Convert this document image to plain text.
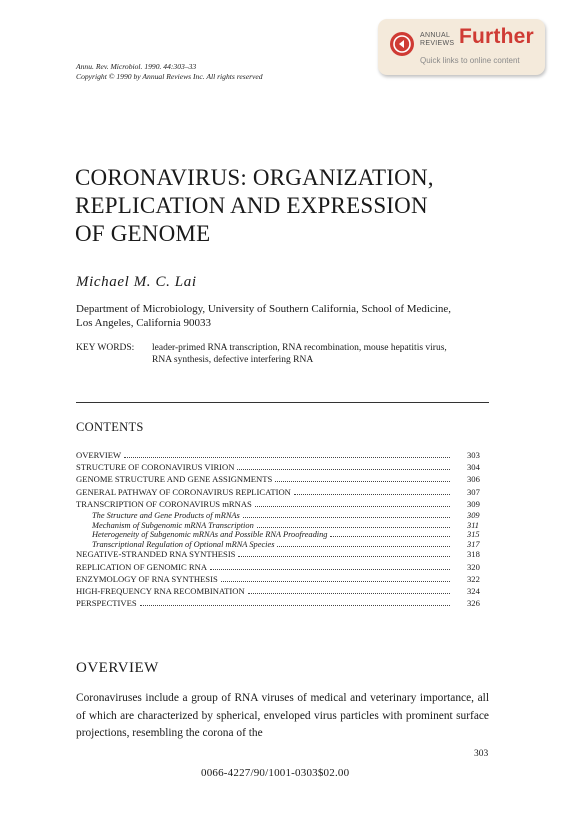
ANNUAL
REVIEWS Further
Quick links to online content
Annu. Rev. Microbiol. 1990. 44:303–33
Copyright © 1990 by Annual Reviews Inc. All rights reserved
CORONAVIRUS: ORGANIZATION,
REPLICATION AND EXPRESSION
OF GENOME
Michael M. C. Lai
Department of Microbiology, University of Southern California, School of Medicine,
Los Angeles, California 90033
KEY WORDS: leader-primed RNA transcription, RNA recombination, mouse hepatitis virus,
RNA synthesis, defective interfering RNA
CONTENTS
OVERVIEW	303
STRUCTURE OF CORONAVIRUS VIRION	304
GENOME STRUCTURE AND GENE ASSIGNMENTS	306
GENERAL PATHWAY OF CORONAVIRUS REPLICATION	307
TRANSCRIPTION OF CORONAVIRUS mRNAS	309
The Structure and Gene Products of mRNAs	309
Mechanism of Subgenomic mRNA Transcription	311
Heterogeneity of Subgenomic mRNAs and Possible RNA Proofreading	315
Transcriptional Regulation of Optional mRNA Species	317
NEGATIVE-STRANDED RNA SYNTHESIS	318
REPLICATION OF GENOMIC RNA	320
ENZYMOLOGY OF RNA SYNTHESIS	322
HIGH-FREQUENCY RNA RECOMBINATION	324
PERSPECTIVES	326
OVERVIEW
Coronaviruses include a group of RNA viruses of medical and veterinary importance, all of which are characterized by spherical, enveloped virus particles with prominent surface projections, resembling the corona of the
303
0066-4227/90/1001-0303$02.00
